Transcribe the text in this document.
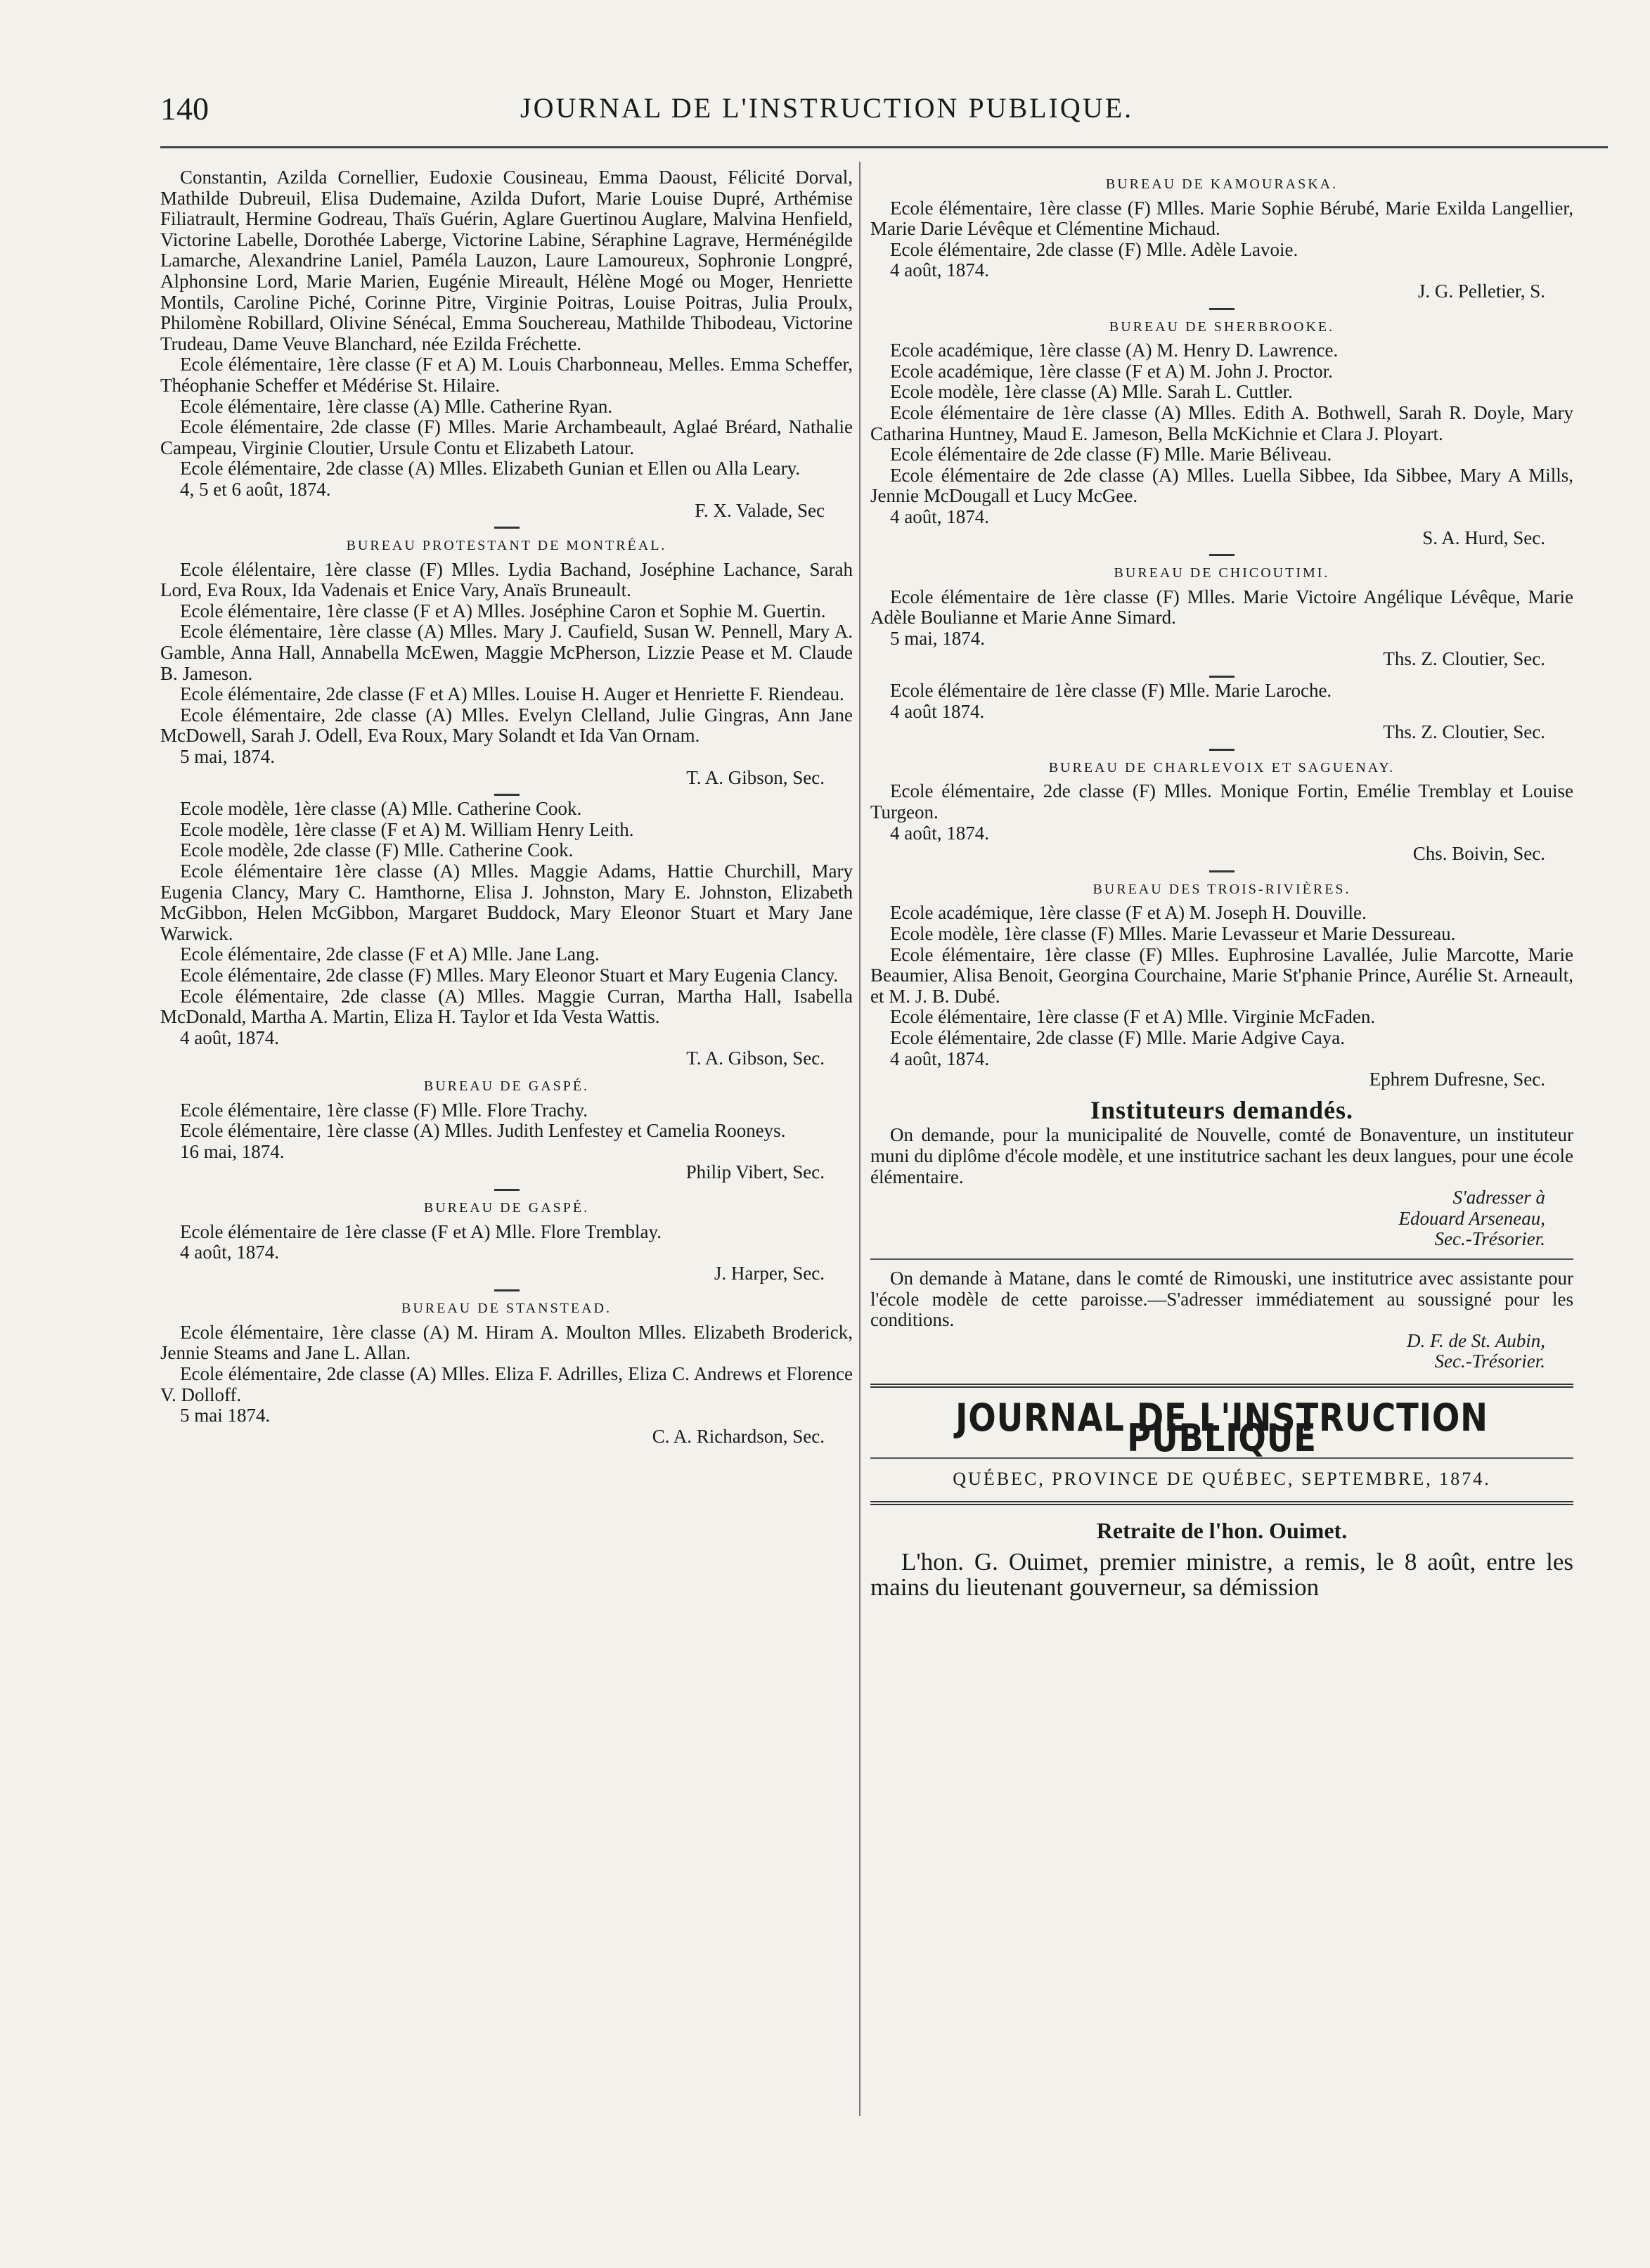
140	JOURNAL DE L'INSTRUCTION PUBLIQUE.

Constantin, Azilda Cornellier, Eudoxie Cousineau, Emma Daoust, Félicité Dorval, Mathilde Dubreuil, Elisa Dudemaine, Azilda Dufort, Marie Louise Dupré, Arthémise Filiatrault, Hermine Godreau, Thaïs Guérin, Aglare Guertinou Auglare, Malvina Henfield, Victorine Labelle, Dorothée Laberge, Victorine Labine, Séraphine Lagrave, Herménégilde Lamarche, Alexandrine Laniel, Paméla Lauzon, Laure Lamoureux, Sophronie Longpré, Alphonsine Lord, Marie Marien, Eugénie Mireault, Hélène Mogé ou Moger, Henriette Montils, Caroline Piché, Corinne Pitre, Virginie Poitras, Louise Poitras, Julia Proulx, Philomène Robillard, Olivine Sénécal, Emma Souchereau, Mathilde Thibodeau, Victorine Trudeau, Dame Veuve Blanchard, née Ezilda Fréchette.

Ecole élémentaire, 1ère classe (F et A) M. Louis Charbonneau, Melles. Emma Scheffer, Théophanie Scheffer et Médérise St. Hilaire.

Ecole élémentaire, 1ère classe (A) Mlle. Catherine Ryan.

Ecole élémentaire, 2de classe (F) Mlles. Marie Archambeault, Aglaé Bréard, Nathalie Campeau, Virginie Cloutier, Ursule Contu et Elizabeth Latour.

Ecole élémentaire, 2de classe (A) Mlles. Elizabeth Gunian et Ellen ou Alla Leary.

4, 5 et 6 août, 1874.

F. X. Valade, Sec

BUREAU PROTESTANT DE MONTRÉAL.

Ecole élélentaire, 1ère classe (F) Mlles. Lydia Bachand, Joséphine Lachance, Sarah Lord, Eva Roux, Ida Vadenais et Enice Vary, Anaïs Bruneault.

Ecole élémentaire, 1ère classe (F et A) Mlles. Joséphine Caron et Sophie M. Guertin.

Ecole élémentaire, 1ère classe (A) Mlles. Mary J. Caufield, Susan W. Pennell, Mary A. Gamble, Anna Hall, Annabella McEwen, Maggie McPherson, Lizzie Pease et M. Claude B. Jameson.

Ecole élémentaire, 2de classe (F et A) Mlles. Louise H. Auger et Henriette F. Riendeau.

Ecole élémentaire, 2de classe (A) Mlles. Evelyn Clelland, Julie Gingras, Ann Jane McDowell, Sarah J. Odell, Eva Roux, Mary Solandt et Ida Van Ornam.

5 mai, 1874.

T. A. Gibson, Sec.

Ecole modèle, 1ère classe (A) Mlle. Catherine Cook.

Ecole modèle, 1ère classe (F et A) M. William Henry Leith.

Ecole modèle, 2de classe (F) Mlle. Catherine Cook.

Ecole élémentaire 1ère classe (A) Mlles. Maggie Adams, Hattie Churchill, Mary Eugenia Clancy, Mary C. Hamthorne, Elisa J. Johnston, Mary E. Johnston, Elizabeth McGibbon, Helen McGibbon, Margaret Buddock, Mary Eleonor Stuart et Mary Jane Warwick.

Ecole élémentaire, 2de classe (F et A) Mlle. Jane Lang.

Ecole élémentaire, 2de classe (F) Mlles. Mary Eleonor Stuart et Mary Eugenia Clancy.

Ecole élémentaire, 2de classe (A) Mlles. Maggie Curran, Martha Hall, Isabella McDonald, Martha A. Martin, Eliza H. Taylor et Ida Vesta Wattis.

4 août, 1874.

T. A. Gibson, Sec.

BUREAU DE GASPÉ.

Ecole élémentaire, 1ère classe (F) Mlle. Flore Trachy.

Ecole élémentaire, 1ère classe (A) Mlles. Judith Lenfestey et Camelia Rooneys.

16 mai, 1874.

Philip Vibert, Sec.

BUREAU DE GASPÉ.

Ecole élémentaire de 1ère classe (F et A) Mlle. Flore Tremblay.

4 août, 1874.

J. Harper, Sec.

BUREAU DE STANSTEAD.

Ecole élémentaire, 1ère classe (A) M. Hiram A. Moulton Mlles. Elizabeth Broderick, Jennie Steams and Jane L. Allan.

Ecole élémentaire, 2de classe (A) Mlles. Eliza F. Adrilles, Eliza C. Andrews et Florence V. Dolloff.

5 mai 1874.

C. A. Richardson, Sec.

BUREAU DE KAMOURASKA.

Ecole élémentaire, 1ère classe (F) Mlles. Marie Sophie Bérubé, Marie Exilda Langellier, Marie Darie Lévêque et Clémentine Michaud.

Ecole élémentaire, 2de classe (F) Mlle. Adèle Lavoie.

4 août, 1874.

J. G. Pelletier, S.

BUREAU DE SHERBROOKE.

Ecole académique, 1ère classe (A) M. Henry D. Lawrence.

Ecole académique, 1ère classe (F et A) M. John J. Proctor.

Ecole modèle, 1ère classe (A) Mlle. Sarah L. Cuttler.

Ecole élémentaire de 1ère classe (A) Mlles. Edith A. Bothwell, Sarah R. Doyle, Mary Catharina Huntney, Maud E. Jameson, Bella McKichnie et Clara J. Ployart.

Ecole élémentaire de 2de classe (F) Mlle. Marie Béliveau.

Ecole élémentaire de 2de classe (A) Mlles. Luella Sibbee, Ida Sibbee, Mary A Mills, Jennie McDougall et Lucy McGee.

4 août, 1874.

S. A. Hurd, Sec.

BUREAU DE CHICOUTIMI.

Ecole élémentaire de 1ère classe (F) Mlles. Marie Victoire Angélique Lévêque, Marie Adèle Boulianne et Marie Anne Simard.

5 mai, 1874.

Ths. Z. Cloutier, Sec.

Ecole élémentaire de 1ère classe (F) Mlle. Marie Laroche.

4 août 1874.

Ths. Z. Cloutier, Sec.

BUREAU DE CHARLEVOIX ET SAGUENAY.

Ecole élémentaire, 2de classe (F) Mlles. Monique Fortin, Emélie Tremblay et Louise Turgeon.

4 août, 1874.

Chs. Boivin, Sec.

BUREAU DES TROIS-RIVIÈRES.

Ecole académique, 1ère classe (F et A) M. Joseph H. Douville.

Ecole modèle, 1ère classe (F) Mlles. Marie Levasseur et Marie Dessureau.

Ecole élémentaire, 1ère classe (F) Mlles. Euphrosine Lavallée, Julie Marcotte, Marie Beaumier, Alisa Benoit, Georgina Courchaine, Marie St'phanie Prince, Aurélie St. Arneault, et M. J. B. Dubé.

Ecole élémentaire, 1ère classe (F et A) Mlle. Virginie McFaden.

Ecole élémentaire, 2de classe (F) Mlle. Marie Adgive Caya.

4 août, 1874.

Ephrem Dufresne, Sec.

Instituteurs demandés.

On demande, pour la municipalité de Nouvelle, comté de Bonaventure, un instituteur muni du diplôme d'école modèle, et une institutrice sachant les deux langues, pour une école élémentaire.

S'adresser à

Edouard Arseneau,

Sec.-Trésorier.

On demande à Matane, dans le comté de Rimouski, une institutrice avec assistante pour l'école modèle de cette paroisse.—S'adresser immédiatement au soussigné pour les conditions.

D. F. de St. Aubin,

Sec.-Trésorier.

JOURNAL DE L'INSTRUCTION PUBLIQUE

QUÉBEC, PROVINCE DE QUÉBEC, SEPTEMBRE, 1874.

Retraite de l'hon. Ouimet.

L'hon. G. Ouimet, premier ministre, a remis, le 8 août, entre les mains du lieutenant gouverneur, sa démission
